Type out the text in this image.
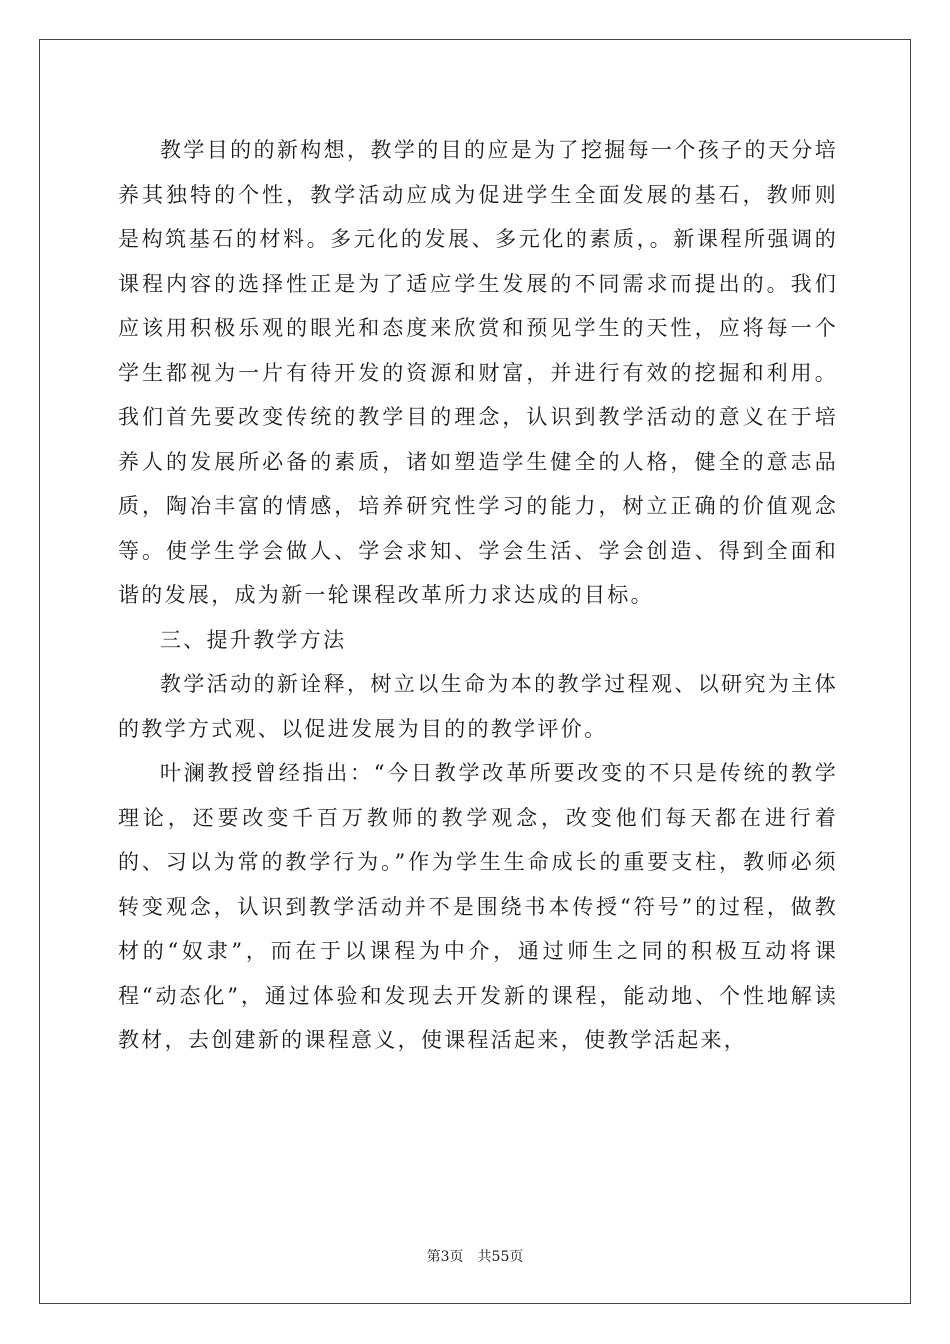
教学目的的新构想，教学的目的应是为了挖掘每一个孩子的天分培养其独特的个性，教学活动应成为促进学生全面发展的基石，教师则是构筑基石的材料。多元化的发展、多元化的素质，。新课程所强调的课程内容的选择性正是为了适应学生发展的不同需求而提出的。我们应该用积极乐观的眼光和态度来欣赏和预见学生的天性，应将每一个学生都视为一片有待开发的资源和财富，并进行有效的挖掘和利用。我们首先要改变传统的教学目的理念，认识到教学活动的意义在于培养人的发展所必备的素质，诸如塑造学生健全的人格，健全的意志品质，陶冶丰富的情感，培养研究性学习的能力，树立正确的价值观念等。使学生学会做人、学会求知、学会生活、学会创造、得到全面和谐的发展，成为新一轮课程改革所力求达成的目标。

三、提升教学方法

教学活动的新诠释，树立以生命为本的教学过程观、以研究为主体的教学方式观、以促进发展为目的的教学评价。

叶澜教授曾经指出：“今日教学改革所要改变的不只是传统的教学理论，还要改变千百万教师的教学观念，改变他们每天都在进行着的、习以为常的教学行为。”作为学生生命成长的重要支柱，教师必须转变观念，认识到教学活动并不是围绕书本传授“符号”的过程，做教材的“奴隶”，而在于以课程为中介，通过师生之同的积极互动将课程“动态化”，通过体验和发现去开发新的课程，能动地、个性地解读教材，去创建新的课程意义，使课程活起来，使教学活起来，

第3页 共55页
